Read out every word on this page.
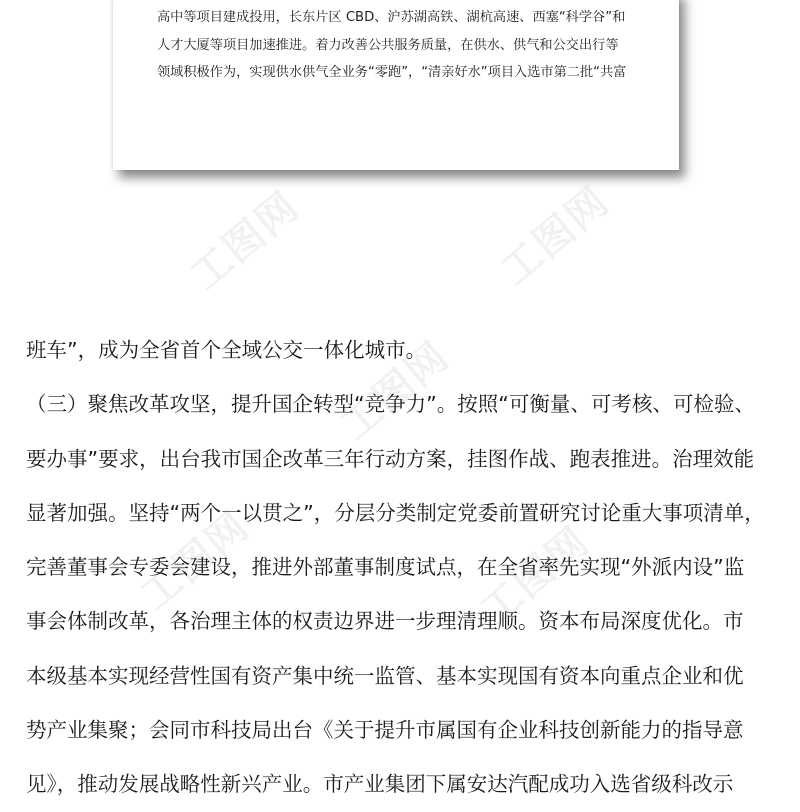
高中等项目建成投用，长东片区 CBD、沪苏湖高铁、湖杭高速、西塞“科学谷”和

人才大厦等项目加速推进。着力改善公共服务质量，在供水、供气和公交出行等

领域积极作为，实现供水供气全业务“零跑”，“清亲好水”项目入选市第二批“共富

工图网	工图网
工图网
工图网	工图网

班车”，成为全省首个全域公交一体化城市。

（三）聚焦改革攻坚，提升国企转型“竞争力”。按照“可衡量、可考核、可检验、

要办事”要求，出台我市国企改革三年行动方案，挂图作战、跑表推进。治理效能

显著加强。坚持“两个一以贯之”，分层分类制定党委前置研究讨论重大事项清单，

完善董事会专委会建设，推进外部董事制度试点，在全省率先实现“外派内设”监

事会体制改革，各治理主体的权责边界进一步理清理顺。资本布局深度优化。市

本级基本实现经营性国有资产集中统一监管、基本实现国有资本向重点企业和优

势产业集聚；会同市科技局出台《关于提升市属国有企业科技创新能力的指导意

见》，推动发展战略性新兴产业。市产业集团下属安达汽配成功入选省级科改示
